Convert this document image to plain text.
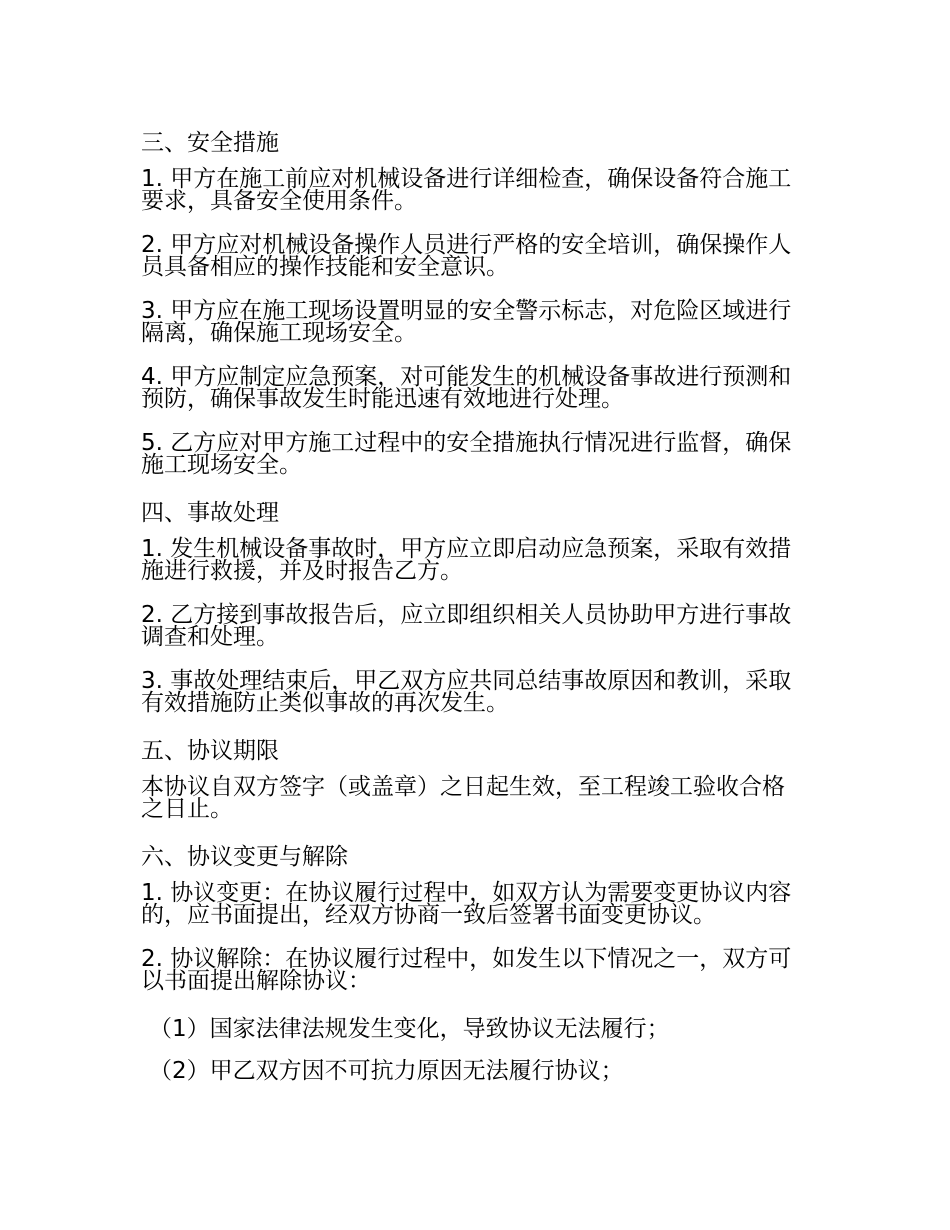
三、安全措施
1. 甲方在施工前应对机械设备进行详细检查，确保设备符合施工要求，具备安全使用条件。
2. 甲方应对机械设备操作人员进行严格的安全培训，确保操作人员具备相应的操作技能和安全意识。
3. 甲方应在施工现场设置明显的安全警示标志，对危险区域进行隔离，确保施工现场安全。
4. 甲方应制定应急预案，对可能发生的机械设备事故进行预测和预防，确保事故发生时能迅速有效地进行处理。
5. 乙方应对甲方施工过程中的安全措施执行情况进行监督，确保施工现场安全。
四、事故处理
1. 发生机械设备事故时，甲方应立即启动应急预案，采取有效措施进行救援，并及时报告乙方。
2. 乙方接到事故报告后，应立即组织相关人员协助甲方进行事故调查和处理。
3. 事故处理结束后，甲乙双方应共同总结事故原因和教训，采取有效措施防止类似事故的再次发生。
五、协议期限
本协议自双方签字（或盖章）之日起生效，至工程竣工验收合格之日止。
六、协议变更与解除
1. 协议变更：在协议履行过程中，如双方认为需要变更协议内容的，应书面提出，经双方协商一致后签署书面变更协议。
2. 协议解除：在协议履行过程中，如发生以下情况之一，双方可以书面提出解除协议：
（1）国家法律法规发生变化，导致协议无法履行；
（2）甲乙双方因不可抗力原因无法履行协议；
